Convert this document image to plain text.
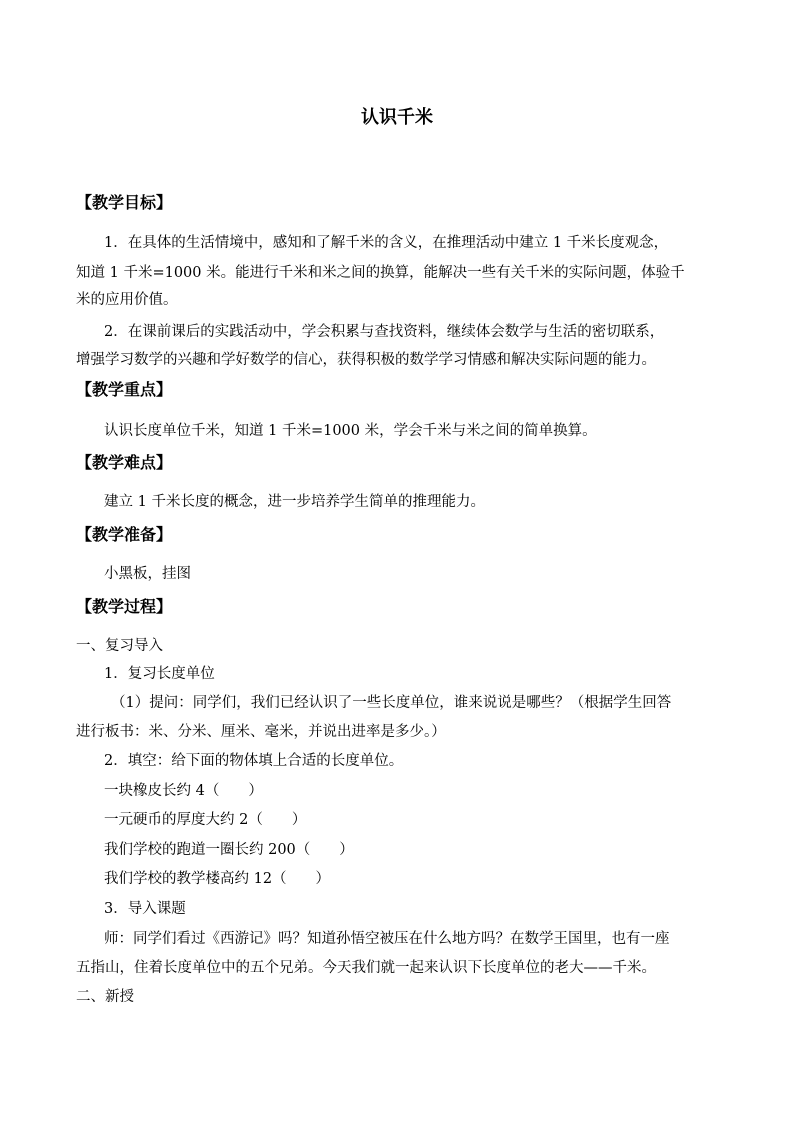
认识千米
【教学目标】
1．在具体的生活情境中，感知和了解千米的含义，在推理活动中建立 1 千米长度观念，
知道 1 千米=1000 米。能进行千米和米之间的换算，能解决一些有关千米的实际问题，体验千
米的应用价值。
2．在课前课后的实践活动中，学会积累与查找资料，继续体会数学与生活的密切联系，
增强学习数学的兴趣和学好数学的信心，获得积极的数学学习情感和解决实际问题的能力。
【教学重点】
认识长度单位千米，知道 1 千米=1000 米，学会千米与米之间的简单换算。
【教学难点】
建立 1 千米长度的概念，进一步培养学生简单的推理能力。
【教学准备】
小黑板，挂图
【教学过程】
一、复习导入
1．复习长度单位
（1）提问：同学们，我们已经认识了一些长度单位，谁来说说是哪些？（根据学生回答
进行板书：米、分米、厘米、毫米，并说出进率是多少。）
2．填空：给下面的物体填上合适的长度单位。
一块橡皮长约 4（　　）
一元硬币的厚度大约 2（　　）
我们学校的跑道一圈长约 200（　　）
我们学校的教学楼高约 12（　　）
3．导入课题
师：同学们看过《西游记》吗？知道孙悟空被压在什么地方吗？在数学王国里，也有一座
五指山，住着长度单位中的五个兄弟。今天我们就一起来认识下长度单位的老大——千米。
二、新授
